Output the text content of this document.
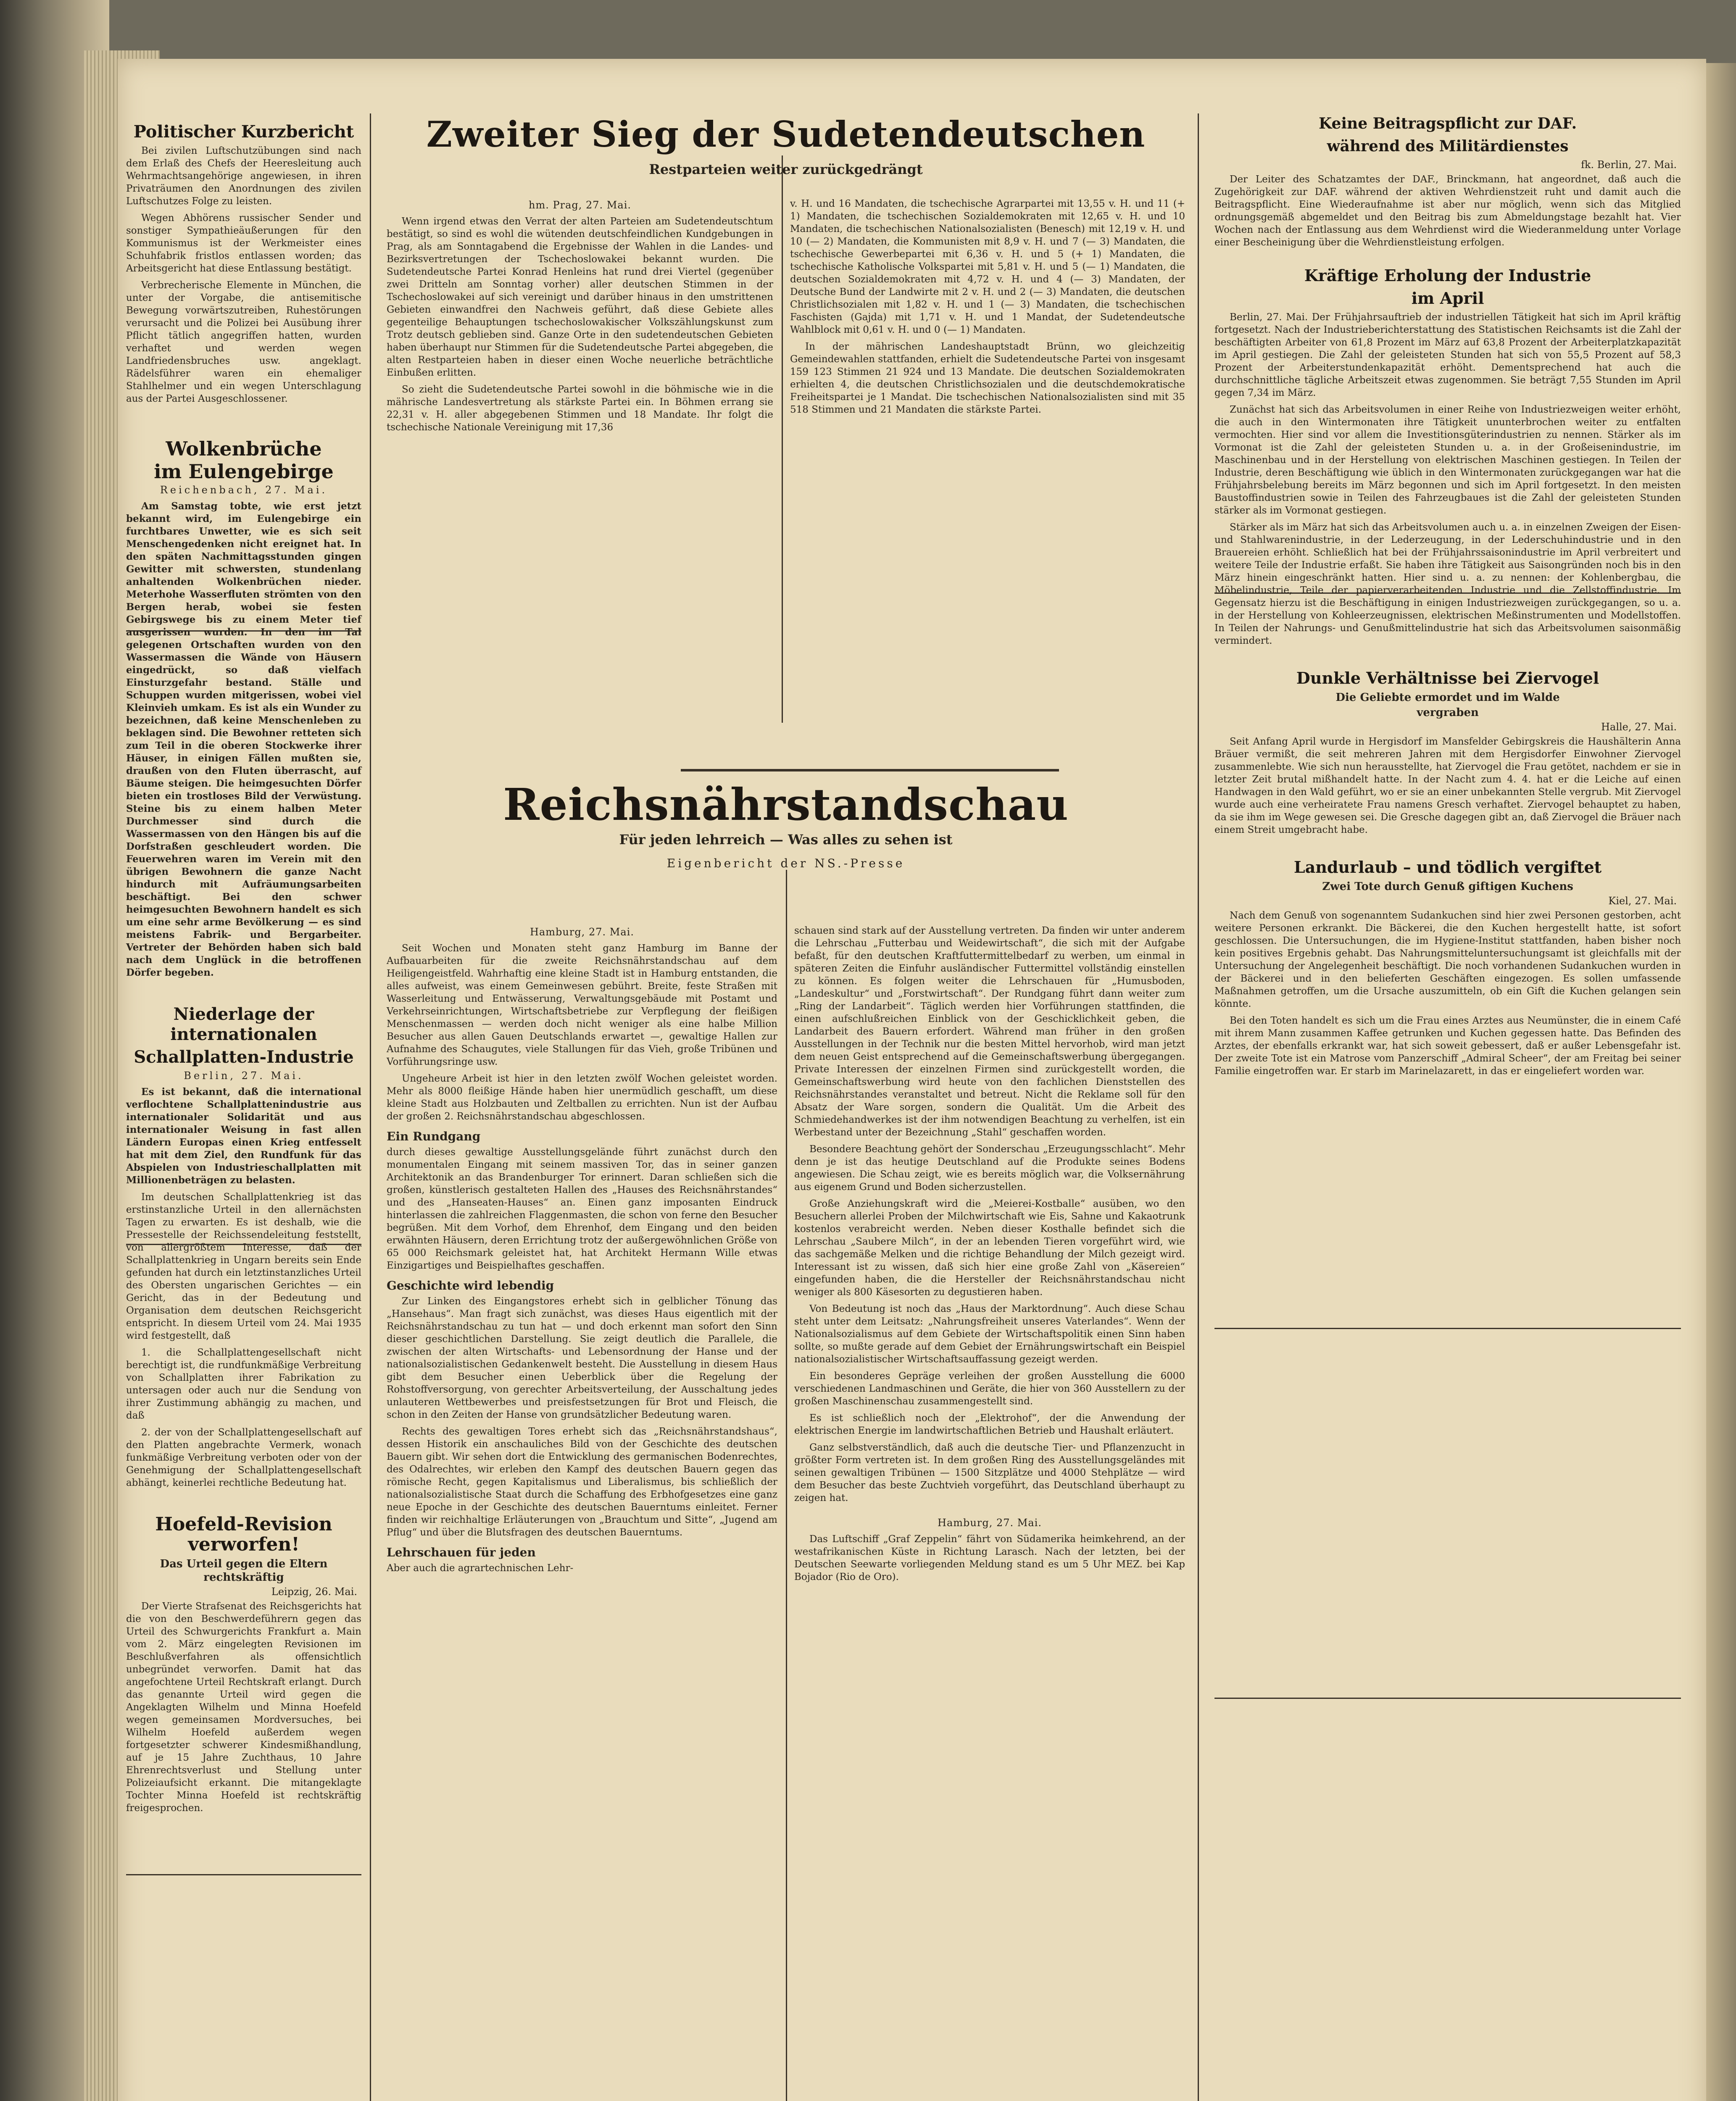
Politischer Kurzbericht

Bei zivilen Luftschutzübungen sind nach dem Erlaß des Chefs der Heeresleitung auch Wehrmachtsangehörige angewiesen, in ihren Privaträumen den Anordnungen des zivilen Luftschutzes Folge zu leisten.

Wegen Abhörens russischer Sender und sonstiger Sympathieäußerungen für den Kommunismus ist der Werkmeister eines Schuhfabrik fristlos entlassen worden; das Arbeitsgericht hat diese Entlassung bestätigt.

Verbrecherische Elemente in München, die unter der Vorgabe, die antisemitische Bewegung vorwärtszutreiben, Ruhestörungen verursacht und die Polizei bei Ausübung ihrer Pflicht tätlich angegriffen hatten, wurden verhaftet und werden wegen Landfriedensbruches usw. angeklagt. Rädelsführer waren ein ehemaliger Stahlhelmer und ein wegen Unterschlagung aus der Partei Ausgeschlossener.

Wolkenbrüche
im Eulengebirge
Reichenbach, 27. Mai.

Am Samstag tobte, wie erst jetzt bekannt wird, im Eulengebirge ein furchtbares Unwetter, wie es sich seit Menschengedenken nicht ereignet hat. In den späten Nachmittagsstunden gingen Gewitter mit schwersten, stundenlang anhaltenden Wolkenbrüchen nieder. Meterhohe Wasserfluten strömten von den Bergen herab, wobei sie festen Gebirgswege bis zu einem Meter tief ausgerissen wurden. In den im Tal gelegenen Ortschaften wurden von den Wassermassen die Wände von Häusern eingedrückt, so daß vielfach Einsturzgefahr bestand. Ställe und Schuppen wurden mitgerissen, wobei viel Kleinvieh umkam. Es ist als ein Wunder zu bezeichnen, daß keine Menschenleben zu beklagen sind. Die Bewohner retteten sich zum Teil in die oberen Stockwerke ihrer Häuser, in einigen Fällen mußten sie, draußen von den Fluten überrascht, auf Bäume steigen. Die heimgesuchten Dörfer bieten ein trostloses Bild der Verwüstung. Steine bis zu einem halben Meter Durchmesser sind durch die Wassermassen von den Hängen bis auf die Dorfstraßen geschleudert worden. Die Feuerwehren waren im Verein mit den übrigen Bewohnern die ganze Nacht hindurch mit Aufräumungsarbeiten beschäftigt. Bei den schwer heimgesuchten Bewohnern handelt es sich um eine sehr arme Bevölkerung — es sind meistens Fabrik- und Bergarbeiter. Vertreter der Behörden haben sich bald nach dem Unglück in die betroffenen Dörfer begeben.

Niederlage der internationalen
Schallplatten-Industrie
Berlin, 27. Mai.

Es ist bekannt, daß die international verflochtene Schallplattenindustrie aus internationaler Solidarität und aus internationaler Weisung in fast allen Ländern Europas einen Krieg entfesselt hat mit dem Ziel, den Rundfunk für das Abspielen von Industrieschallplatten mit Millionenbeträgen zu belasten.

Im deutschen Schallplattenkrieg ist das erstinstanzliche Urteil in den allernächsten Tagen zu erwarten. Es ist deshalb, wie die Pressestelle der Reichssendeleitung feststellt, von allergrößtem Interesse, daß der Schallplattenkrieg in Ungarn bereits sein Ende gefunden hat durch ein letztinstanzliches Urteil des Obersten ungarischen Gerichtes — ein Gericht, das in der Bedeutung und Organisation dem deutschen Reichsgericht entspricht. In diesem Urteil vom 24. Mai 1935 wird festgestellt, daß

1. die Schallplattengesellschaft nicht berechtigt ist, die rundfunkmäßige Verbreitung von Schallplatten ihrer Fabrikation zu untersagen oder auch nur die Sendung von ihrer Zustimmung abhängig zu machen, und daß

2. der von der Schallplattengesellschaft auf den Platten angebrachte Vermerk, wonach funkmäßige Verbreitung verboten oder von der Genehmigung der Schallplattengesellschaft abhängt, keinerlei rechtliche Bedeutung hat.

Hoefeld-Revision verworfen!
Das Urteil gegen die Eltern rechtskräftig
Leipzig, 26. Mai.

Der Vierte Strafsenat des Reichsgerichts hat die von den Beschwerdeführern gegen das Urteil des Schwurgerichts Frankfurt a. Main vom 2. März eingelegten Revisionen im Beschlußverfahren als offensichtlich unbegründet verworfen. Damit hat das angefochtene Urteil Rechtskraft erlangt. Durch das genannte Urteil wird gegen die Angeklagten Wilhelm und Minna Hoefeld wegen gemeinsamen Mordversuches, bei Wilhelm Hoefeld außerdem wegen fortgesetzter schwerer Kindesmißhandlung, auf je 15 Jahre Zuchthaus, 10 Jahre Ehrenrechtsverlust und Stellung unter Polizeiaufsicht erkannt. Die mitangeklagte Tochter Minna Hoefeld ist rechtskräftig freigesprochen.

Zweiter Sieg der Sudetendeutschen
Restparteien weiter zurückgedrängt
hm. Prag, 27. Mai.

Wenn irgend etwas den Verrat der alten Parteien am Sudetendeutschtum bestätigt, so sind es wohl die wütenden deutschfeindlichen Kundgebungen in Prag, als am Sonntagabend die Ergebnisse der Wahlen in die Landes- und Bezirksvertretungen der Tschechoslowakei bekannt wurden. Die Sudetendeutsche Partei Konrad Henleins hat rund drei Viertel (gegenüber zwei Dritteln am Sonntag vorher) aller deutschen Stimmen in der Tschechoslowakei auf sich vereinigt und darüber hinaus in den umstrittenen Gebieten einwandfrei den Nachweis geführt, daß diese Gebiete alles gegenteilige Behauptungen tschechoslowakischer Volkszählungskunst zum Trotz deutsch geblieben sind. Ganze Orte in den sudetendeutschen Gebieten haben überhaupt nur Stimmen für die Sudetendeutsche Partei abgegeben, die alten Restparteien haben in dieser einen Woche neuerliche beträchtliche Einbußen erlitten.

So zieht die Sudetendeutsche Partei sowohl in die böhmische wie in die mährische Landesvertretung als stärkste Partei ein. In Böhmen errang sie 22,31 v. H. aller abgegebenen Stimmen und 18 Mandate. Ihr folgt die tschechische Nationale Vereinigung mit 17,36

v. H. und 16 Mandaten, die tschechische Agrarpartei mit 13,55 v. H. und 11 (+ 1) Mandaten, die tschechischen Sozialdemokraten mit 12,65 v. H. und 10 Mandaten, die tschechischen Nationalsozialisten (Benesch) mit 12,19 v. H. und 10 (— 2) Mandaten, die Kommunisten mit 8,9 v. H. und 7 (— 3) Mandaten, die tschechische Gewerbepartei mit 6,36 v. H. und 5 (+ 1) Mandaten, die tschechische Katholische Volkspartei mit 5,81 v. H. und 5 (— 1) Mandaten, die deutschen Sozialdemokraten mit 4,72 v. H. und 4 (— 3) Mandaten, der Deutsche Bund der Landwirte mit 2 v. H. und 2 (— 3) Mandaten, die deutschen Christlichsozialen mit 1,82 v. H. und 1 (— 3) Mandaten, die tschechischen Faschisten (Gajda) mit 1,71 v. H. und 1 Mandat, der Sudetendeutsche Wahlblock mit 0,61 v. H. und 0 (— 1) Mandaten.

In der mährischen Landeshauptstadt Brünn, wo gleichzeitig Gemeindewahlen stattfanden, erhielt die Sudetendeutsche Partei von insgesamt 159 123 Stimmen 21 924 und 13 Mandate. Die deutschen Sozialdemokraten erhielten 4, die deutschen Christlichsozialen und die deutschdemokratische Freiheitspartei je 1 Mandat. Die tschechischen Nationalsozialisten sind mit 35 518 Stimmen und 21 Mandaten die stärkste Partei.

Reichsnährstandschau
Für jeden lehrreich — Was alles zu sehen ist
Eigenbericht der NS.-Presse
Hamburg, 27. Mai.

Seit Wochen und Monaten steht ganz Hamburg im Banne der Aufbauarbeiten für die zweite Reichsnährstandschau auf dem Heiligengeistfeld. Wahrhaftig eine kleine Stadt ist in Hamburg entstanden, die alles aufweist, was einem Gemeinwesen gebührt. Breite, feste Straßen mit Wasserleitung und Entwässerung, Verwaltungsgebäude mit Postamt und Verkehrseinrichtungen, Wirtschaftsbetriebe zur Verpflegung der fleißigen Menschenmassen — werden doch nicht weniger als eine halbe Million Besucher aus allen Gauen Deutschlands erwartet —, gewaltige Hallen zur Aufnahme des Schaugutes, viele Stallungen für das Vieh, große Tribünen und Vorführungsringe usw.

Ungeheure Arbeit ist hier in den letzten zwölf Wochen geleistet worden. Mehr als 8000 fleißige Hände haben hier unermüdlich geschafft, um diese kleine Stadt aus Holzbauten und Zeltballen zu errichten. Nun ist der Aufbau der großen 2. Reichsnährstandschau abgeschlossen.

Ein Rundgang

durch dieses gewaltige Ausstellungsgelände führt zunächst durch den monumentalen Eingang mit seinem massiven Tor, das in seiner ganzen Architektonik an das Brandenburger Tor erinnert. Daran schließen sich die großen, künstlerisch gestalteten Hallen des „Hauses des Reichsnährstandes“ und des „Hanseaten-Hauses“ an. Einen ganz imposanten Eindruck hinterlassen die zahlreichen Flaggenmasten, die schon von ferne den Besucher begrüßen. Mit dem Vorhof, dem Ehrenhof, dem Eingang und den beiden erwähnten Häusern, deren Errichtung trotz der außergewöhnlichen Größe von 65 000 Reichsmark geleistet hat, hat Architekt Hermann Wille etwas Einzigartiges und Beispielhaftes geschaffen.

Geschichte wird lebendig

Zur Linken des Eingangstores erhebt sich in gelblicher Tönung das „Hansehaus“. Man fragt sich zunächst, was dieses Haus eigentlich mit der Reichsnährstandschau zu tun hat — und doch erkennt man sofort den Sinn dieser geschichtlichen Darstellung. Sie zeigt deutlich die Parallele, die zwischen der alten Wirtschafts- und Lebensordnung der Hanse und der nationalsozialistischen Gedankenwelt besteht. Die Ausstellung in diesem Haus gibt dem Besucher einen Ueberblick über die Regelung der Rohstoffversorgung, von gerechter Arbeitsverteilung, der Ausschaltung jedes unlauteren Wettbewerbes und preisfestsetzungen für Brot und Fleisch, die schon in den Zeiten der Hanse von grundsätzlicher Bedeutung waren.

Rechts des gewaltigen Tores erhebt sich das „Reichsnährstandshaus“, dessen Historik ein anschauliches Bild von der Geschichte des deutschen Bauern gibt. Wir sehen dort die Entwicklung des germanischen Bodenrechtes, des Odalrechtes, wir erleben den Kampf des deutschen Bauern gegen das römische Recht, gegen Kapitalismus und Liberalismus, bis schließlich der nationalsozialistische Staat durch die Schaffung des Erbhofgesetzes eine ganz neue Epoche in der Geschichte des deutschen Bauerntums einleitet. Ferner finden wir reichhaltige Erläuterungen von „Brauchtum und Sitte“, „Jugend am Pflug“ und über die Blutsfragen des deutschen Bauerntums.

Lehrschauen für jeden

Aber auch die agrartechnischen Lehr-

schauen sind stark auf der Ausstellung vertreten. Da finden wir unter anderem die Lehrschau „Futterbau und Weidewirtschaft“, die sich mit der Aufgabe befaßt, für den deutschen Kraftfuttermittelbedarf zu werben, um einmal in späteren Zeiten die Einfuhr ausländischer Futtermittel vollständig einstellen zu können. Es folgen weiter die Lehrschauen für „Humusboden, „Landeskultur“ und „Forstwirtschaft“. Der Rundgang führt dann weiter zum „Ring der Landarbeit“. Täglich werden hier Vorführungen stattfinden, die einen aufschlußreichen Einblick von der Geschicklichkeit geben, die Landarbeit des Bauern erfordert. Während man früher in den großen Ausstellungen in der Technik nur die besten Mittel hervorhob, wird man jetzt dem neuen Geist entsprechend auf die Gemeinschaftswerbung übergegangen. Private Interessen der einzelnen Firmen sind zurückgestellt worden, die Gemeinschaftswerbung wird heute von den fachlichen Dienststellen des Reichsnährstandes veranstaltet und betreut. Nicht die Reklame soll für den Absatz der Ware sorgen, sondern die Qualität. Um die Arbeit des Schmiedehandwerkes ist der ihm notwendigen Beachtung zu verhelfen, ist ein Werbestand unter der Bezeichnung „Stahl“ geschaffen worden.

Besondere Beachtung gehört der Sonderschau „Erzeugungsschlacht“. Mehr denn je ist das heutige Deutschland auf die Produkte seines Bodens angewiesen. Die Schau zeigt, wie es bereits möglich war, die Volksernährung aus eigenem Grund und Boden sicherzustellen.

Große Anziehungskraft wird die „Meierei-Kostballe“ ausüben, wo den Besuchern allerlei Proben der Milchwirtschaft wie Eis, Sahne und Kakaotrunk kostenlos verabreicht werden. Neben dieser Kosthalle befindet sich die Lehrschau „Saubere Milch“, in der an lebenden Tieren vorgeführt wird, wie das sachgemäße Melken und die richtige Behandlung der Milch gezeigt wird. Interessant ist zu wissen, daß sich hier eine große Zahl von „Käsereien“ eingefunden haben, die die Hersteller der Reichsnährstandschau nicht weniger als 800 Käsesorten zu degustieren haben.

Von Bedeutung ist noch das „Haus der Marktordnung“. Auch diese Schau steht unter dem Leitsatz: „Nahrungsfreiheit unseres Vaterlandes“. Wenn der Nationalsozialismus auf dem Gebiete der Wirtschaftspolitik einen Sinn haben sollte, so mußte gerade auf dem Gebiet der Ernährungswirtschaft ein Beispiel nationalsozialistischer Wirtschaftsauffassung gezeigt werden.

Ein besonderes Gepräge verleihen der großen Ausstellung die 6000 verschiedenen Landmaschinen und Geräte, die hier von 360 Ausstellern zu der großen Maschinenschau zusammengestellt sind.

Es ist schließlich noch der „Elektrohof“, der die Anwendung der elektrischen Energie im landwirtschaftlichen Betrieb und Haushalt erläutert.

Ganz selbstverständlich, daß auch die deutsche Tier- und Pflanzenzucht in größter Form vertreten ist. In dem großen Ring des Ausstellungsgeländes mit seinen gewaltigen Tribünen — 1500 Sitzplätze und 4000 Stehplätze — wird dem Besucher das beste Zuchtvieh vorgeführt, das Deutschland überhaupt zu zeigen hat.

Hamburg, 27. Mai.

Das Luftschiff „Graf Zeppelin“ fährt von Südamerika heimkehrend, an der westafrikanischen Küste in Richtung Larasch. Nach der letzten, bei der Deutschen Seewarte vorliegenden Meldung stand es um 5 Uhr MEZ. bei Kap Bojador (Rio de Oro).

Keine Beitragspflicht zur DAF.
während des Militärdienstes
fk. Berlin, 27. Mai.

Der Leiter des Schatzamtes der DAF., Brinckmann, hat angeordnet, daß auch die Zugehörigkeit zur DAF. während der aktiven Wehrdienstzeit ruht und damit auch die Beitragspflicht. Eine Wiederaufnahme ist aber nur möglich, wenn sich das Mitglied ordnungsgemäß abgemeldet und den Beitrag bis zum Abmeldungstage bezahlt hat. Vier Wochen nach der Entlassung aus dem Wehrdienst wird die Wiederanmeldung unter Vorlage einer Bescheinigung über die Wehrdienstleistung erfolgen.

Kräftige Erholung der Industrie
im April

Berlin, 27. Mai. Der Frühjahrsauftrieb der industriellen Tätigkeit hat sich im April kräftig fortgesetzt. Nach der Industrieberichterstattung des Statistischen Reichsamts ist die Zahl der beschäftigten Arbeiter von 61,8 Prozent im März auf 63,8 Prozent der Arbeiterplatzkapazität im April gestiegen. Die Zahl der geleisteten Stunden hat sich von 55,5 Prozent auf 58,3 Prozent der Arbeiterstundenkapazität erhöht. Dementsprechend hat auch die durchschnittliche tägliche Arbeitszeit etwas zugenommen. Sie beträgt 7,55 Stunden im April gegen 7,34 im März.

Zunächst hat sich das Arbeitsvolumen in einer Reihe von Industriezweigen weiter erhöht, die auch in den Wintermonaten ihre Tätigkeit ununterbrochen weiter zu entfalten vermochten. Hier sind vor allem die Investitionsgüterindustrien zu nennen. Stärker als im Vormonat ist die Zahl der geleisteten Stunden u. a. in der Großeisenindustrie, im Maschinenbau und in der Herstellung von elektrischen Maschinen gestiegen. In Teilen der Industrie, deren Beschäftigung wie üblich in den Wintermonaten zurückgegangen war hat die Frühjahrsbelebung bereits im März begonnen und sich im April fortgesetzt. In den meisten Baustoffindustrien sowie in Teilen des Fahrzeugbaues ist die Zahl der geleisteten Stunden stärker als im Vormonat gestiegen.

Stärker als im März hat sich das Arbeitsvolumen auch u. a. in einzelnen Zweigen der Eisen- und Stahlwarenindustrie, in der Lederzeugung, in der Lederschuhindustrie und in den Brauereien erhöht. Schließlich hat bei der Frühjahrssaisonindustrie im April verbreitert und weitere Teile der Industrie erfaßt. Sie haben ihre Tätigkeit aus Saisongründen noch bis in den März hinein eingeschränkt hatten. Hier sind u. a. zu nennen: der Kohlenbergbau, die Möbelindustrie, Teile der papierverarbeitenden Industrie und die Zellstoffindustrie. Im Gegensatz hierzu ist die Beschäftigung in einigen Industriezweigen zurückgegangen, so u. a. in der Herstellung von Kohleerzeugnissen, elektrischen Meßinstrumenten und Modellstoffen. In Teilen der Nahrungs- und Genußmittelindustrie hat sich das Arbeitsvolumen saisonmäßig vermindert.

Dunkle Verhältnisse bei Ziervogel
Die Geliebte ermordet und im Walde
vergraben
Halle, 27. Mai.

Seit Anfang April wurde in Hergisdorf im Mansfelder Gebirgskreis die Haushälterin Anna Bräuer vermißt, die seit mehreren Jahren mit dem Hergisdorfer Einwohner Ziervogel zusammenlebte. Wie sich nun herausstellte, hat Ziervogel die Frau getötet, nachdem er sie in letzter Zeit brutal mißhandelt hatte. In der Nacht zum 4. 4. hat er die Leiche auf einen Handwagen in den Wald geführt, wo er sie an einer unbekannten Stelle vergrub. Mit Ziervogel wurde auch eine verheiratete Frau namens Gresch verhaftet. Ziervogel behauptet zu haben, da sie ihm im Wege gewesen sei. Die Gresche dagegen gibt an, daß Ziervogel die Bräuer nach einem Streit umgebracht habe.

Landurlaub – und tödlich vergiftet
Zwei Tote durch Genuß giftigen Kuchens
Kiel, 27. Mai.

Nach dem Genuß von sogenanntem Sudankuchen sind hier zwei Personen gestorben, acht weitere Personen erkrankt. Die Bäckerei, die den Kuchen hergestellt hatte, ist sofort geschlossen. Die Untersuchungen, die im Hygiene-Institut stattfanden, haben bisher noch kein positives Ergebnis gehabt. Das Nahrungsmitteluntersuchungsamt ist gleichfalls mit der Untersuchung der Angelegenheit beschäftigt. Die noch vorhandenen Sudankuchen wurden in der Bäckerei und in den belieferten Geschäften eingezogen. Es sollen umfassende Maßnahmen getroffen, um die Ursache auszumitteln, ob ein Gift die Kuchen gelangen sein könnte.

Bei den Toten handelt es sich um die Frau eines Arztes aus Neumünster, die in einem Café mit ihrem Mann zusammen Kaffee getrunken und Kuchen gegessen hatte. Das Befinden des Arztes, der ebenfalls erkrankt war, hat sich soweit gebessert, daß er außer Lebensgefahr ist. Der zweite Tote ist ein Matrose vom Panzerschiff „Admiral Scheer“, der am Freitag bei seiner Familie eingetroffen war. Er starb im Marinelazarett, in das er eingeliefert worden war.
